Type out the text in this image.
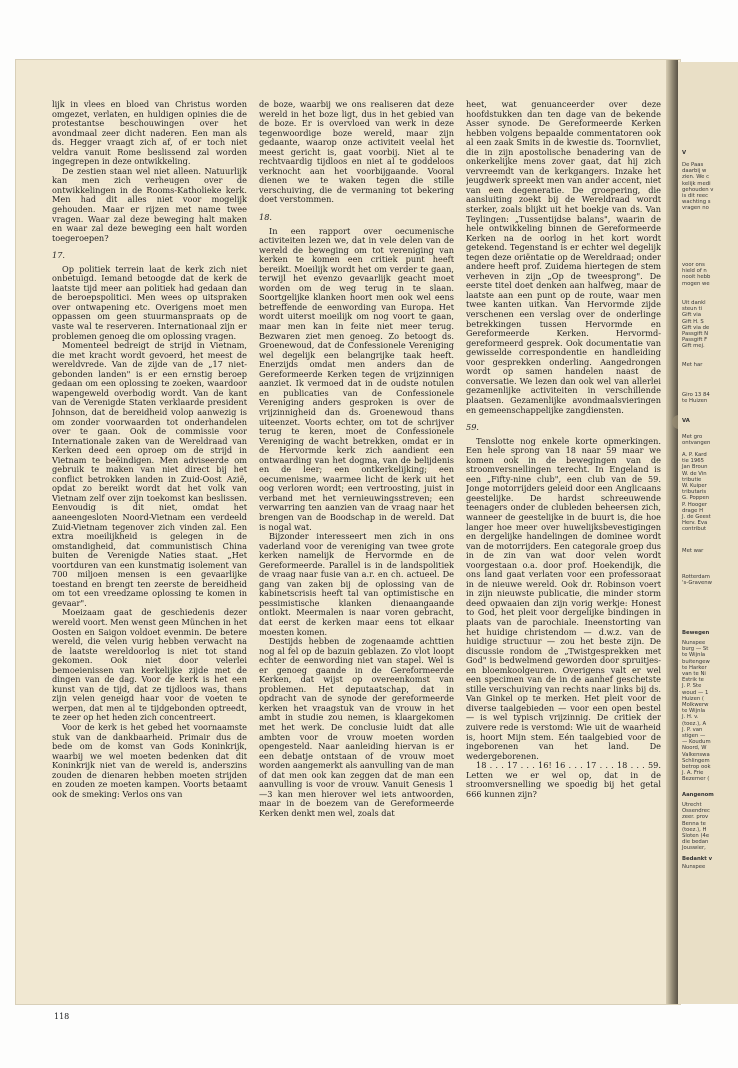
lijk in vlees en bloed van Christus worden omgezet, verlaten, en huldigen opinies die de protestantse beschouwingen over het avondmaal zeer dicht naderen. Een man als ds. Hegger vraagt zich af, of er toch niet veldra vanuit Rome beslissend zal worden ingegrepen in deze ontwikkeling.

De zestien staan wel niet alleen. Natuurlijk kan men zich verheugen over de ontwikkelingen in de Rooms-Katholieke kerk. Men had dit alles niet voor mogelijk gehouden. Maar er rijzen met name twee vragen. Waar zal deze beweging halt maken en waar zal deze beweging een halt worden toegeroepen?

17.

Op politiek terrein laat de kerk zich niet onbetuigd. Iemand betoogde dat de kerk de laatste tijd meer aan politiek had gedaan dan de beroepspolitici. Men wees op uitspraken over ontwapening etc. Overigens moet men oppassen om geen stuurmanspraats op de vaste wal te reserveren. Internationaal zijn er problemen genoeg die om oplossing vragen.

Momenteel bedreigt de strijd in Vietnam, die met kracht wordt gevoerd, het meest de wereldvrede. Van de zijde van de „17 niet-gebonden landen" is er een ernstig beroep gedaan om een oplossing te zoeken, waardoor wapengeweld overbodig wordt. Van de kant van de Verenigde Staten verklaarde president Johnson, dat de bereidheid volop aanwezig is om zonder voorwaarden tot onderhandelen over te gaan. Ook de commissie voor Internationale zaken van de Wereldraad van Kerken deed een oproep om de strijd in Vietnam te beëindigen. Men adviseerde om gebruik te maken van niet direct bij het conflict betrokken landen in Zuid-Oost Azië, opdat zo bereikt wordt dat het volk van Vietnam zelf over zijn toekomst kan beslissen. Eenvoudig is dit niet, omdat het aaneengesloten Noord-Vietnam een verdeeld Zuid-Vietnam tegenover zich vinden zal. Een extra moeilijkheid is gelegen in de omstandigheid, dat communistisch China buiten de Verenigde Naties staat. „Het voortduren van een kunstmatig isolement van 700 miljoen mensen is een gevaarlijke toestand en brengt ten zeerste de bereidheid om tot een vreedzame oplossing te komen in gevaar".

Moeizaam gaat de geschiedenis dezer wereld voort. Men wenst geen München in het Oosten en Saigon voldoet evenmin. De betere wereld, die velen vurig hebben verwacht na de laatste wereldoorlog is niet tot stand gekomen. Ook niet door velerlei bemoeienissen van kerkelijke zijde met de dingen van de dag. Voor de kerk is het een kunst van de tijd, dat ze tijdloos was, thans zijn velen geneigd haar voor de voeten te werpen, dat men al te tijdgebonden optreedt, te zeer op het heden zich concentreert.

Voor de kerk is het gebed het voornaamste stuk van de dankbaarheid. Primair dus de bede om de komst van Gods Koninkrijk, waarbij we wel moeten bedenken dat dit Koninkrijk niet van de wereld is, anderszins zouden de dienaren hebben moeten strijden en zouden ze moeten kampen. Voorts betaamt ook de smeking: Verlos ons van

de boze, waarbij we ons realiseren dat deze wereld in het boze ligt, dus in het gebied van de boze. Er is overvloed van werk in deze tegenwoordige boze wereld, maar zijn gedaante, waarop onze activiteit veelal het meest gericht is, gaat voorbij. Niet al te rechtvaardig tijdloos en niet al te goddeloos verknocht aan het voorbijgaande. Vooral dienen we te waken tegen die stille verschuiving, die de vermaning tot bekering doet verstommen.

18.

In een rapport over oecumenische activiteiten lezen we, dat in vele delen van de wereld de beweging om tot vereniging van kerken te komen een critiek punt heeft bereikt. Moeilijk wordt het om verder te gaan, terwijl het evenzo gevaarlijk geacht moet worden om de weg terug in te slaan. Soortgelijke klanken hoort men ook wel eens betreffende de eenwording van Europa. Het wordt uiterst moeilijk om nog voort te gaan, maar men kan in feite niet meer terug. Bezwaren ziet men genoeg. Zo betoogt ds. Groenewoud, dat de Confessionele Vereniging wel degelijk een belangrijke taak heeft. Enerzijds omdat men anders dan de Gereformeerde Kerken tegen de vrijzinnigen aanziet. Ik vermoed dat in de oudste notulen en publicaties van de Confessionele Vereniging anders gesproken is over de vrijzinnigheid dan ds. Groenewoud thans uiteenzet. Voorts echter, om tot de schrijver terug te keren, moet de Confessionele Vereniging de wacht betrekken, omdat er in de Hervormde kerk zich aandient een ontwaarding van het dogma, van de belijdenis en de leer; een ontkerkelijking; een oecumenisme, waarmee licht de kerk uit het oog verloren wordt; een vertroosting, juist in verband met het vernieuwingsstreven; een verwarring ten aanzien van de vraag naar het brengen van de Boodschap in de wereld. Dat is nogal wat.

Bijzonder interesseert men zich in ons vaderland voor de vereniging van twee grote kerken namelijk de Hervormde en de Gereformeerde. Parallel is in de landspolitiek de vraag naar fusie van a.r. en ch. actueel. De gang van zaken bij de oplossing van de kabinetscrisis heeft tal van optimistische en pessimistische klanken dienaangaande ontlokt. Meermalen is naar voren gebracht, dat eerst de kerken maar eens tot elkaar moesten komen.

Destijds hebben de zogenaamde achttien nog al fel op de bazuin geblazen. Zo vlot loopt echter de eenwording niet van stapel. Wel is er genoeg gaande in de Gereformeerde Kerken, dat wijst op overeenkomst van problemen. Het deputaatschap, dat in opdracht van de synode der gereformeerde kerken het vraagstuk van de vrouw in het ambt in studie zou nemen, is klaargekomen met het werk. De conclusie luidt dat alle ambten voor de vrouw moeten worden opengesteld. Naar aanleiding hiervan is er een debatje ontstaan of de vrouw moet worden aangemerkt als aanvulling van de man of dat men ook kan zeggen dat de man een aanvulling is voor de vrouw. Vanuit Genesis 1—3 kan men hierover wel iets antwoorden, maar in de boezem van de Gereformeerde Kerken denkt men wel, zoals dat

heet, wat genuanceerder over deze hoofdstukken dan ten dage van de bekende Asser synode. De Gereformeerde Kerken hebben volgens bepaalde commentatoren ook al een zaak Smits in de kwestie ds. Toornvliet, die in zijn apostolische benadering van de onkerkelijke mens zover gaat, dat hij zich vervreemdt van de kerkgangers. Inzake het jeugdwerk spreekt men van ander accent, niet van een degeneratie. De groepering, die aansluiting zoekt bij de Wereldraad wordt sterker, zoals blijkt uit het boekje van ds. Van Teylingen: „Tussentijdse balans", waarin de hele ontwikkeling binnen de Gereformeerde Kerken na de oorlog in het kort wordt getekend. Tegenstand is er echter wel degelijk tegen deze oriëntatie op de Wereldraad; onder andere heeft prof. Zuidema hiertegen de stem verheven in zijn „Op de tweesprong". De eerste titel doet denken aan halfweg, maar de laatste aan een punt op de route, waar men twee kanten uitkan. Van Hervormde zijde verschenen een verslag over de onderlinge betrekkingen tussen Hervormde en Gereformeerde Kerken. Hervormd-gereformeerd gesprek. Ook documentatie van gewisselde correspondentie en handleiding voor gesprekken onderling. Aangedrongen wordt op samen handelen naast de conversatie. We lezen dan ook wel van allerlei gezamenlijke activiteiten in verschillende plaatsen. Gezamenlijke avondmaalsvieringen en gemeenschappelijke zangdiensten.

59.

Tenslotte nog enkele korte opmerkingen. Een hele sprong van 18 naar 59 maar we komen ook in de bewegingen van de stroomversnellingen terecht. In Engeland is een „Fifty-nine club", een club van de 59. Jonge motorrijders geleid door een Anglicaans geestelijke. De hardst schreeuwende teenagers onder de clubleden beheersen zich, wanneer de geestelijke in de buurt is, die hoe langer hoe meer over huwelijksbevestigingen en dergelijke handelingen de dominee wordt van de motorrijders. Een categorale groep dus in de zin van wat door velen wordt voorgestaan o.a. door prof. Hoekendijk, die ons land gaat verlaten voor een professoraat in de nieuwe wereld. Ook dr. Robinson voert in zijn nieuwste publicatie, die minder storm deed opwaaien dan zijn vorig werkje: Honest to God, het pleit voor dergelijke bindingen in plaats van de parochiale. Ineenstorting van het huidige christendom — d.w.z. van de huidige structuur — zou het beste zijn. De discussie rondom de „Twistgesprekken met God" is bedwelmend geworden door spruitjes- en bloemkoolgeuren. Overigens valt er wel een specimen van de in de aanhef geschetste stille verschuiving van rechts naar links bij ds. Van Ginkel op te merken. Het pleit voor de diverse taalgebieden — voor een open bestel — is wel typisch vrijzinnig. De critiek der zuivere rede is verstomd: Wie uit de waarheid is, hoort Mijn stem. Eén taalgebied voor de ingeborenen van het land. De wedergeborenen.

18 . . . 17 . . . 16! 16 . . . 17 . . . 18 . . . 59. Letten we er wel op, dat in de stroomversnelling we spoedig bij het getal 666 kunnen zijn?

118
V
De Paas
daarbij w
zien. We c
kelijk medi
gehouden v
is dit reec
wachting s
vragen no
voor ons
hield of n
nooit hebb
mogen we
Uit dankl
steun ti
Gift via
Gift H. S
Gift via de
Passgift N
Passgift F
Gift mej.
Met har
Giro 13 84
te Huizen
VA
Met gro
ontvangen
A. P. Kard
tie 1965
Jan Broun
W. de Vin
tributie
W. Kuiper
tributaris
G. Poppen
P. Hooger
drage H
J. de Geest
Herv. Eva
contribut
Met war
Rotterdam
's-Gravenw
Bewegen
Nunspee
burg — St
te Wijnla
buitengew
te Harker
van te Ni
Estrik te
J. P. Ste
woud — 1
Huizen (
Molkwerw
te Wijnla
J. H. v.
(toez.), A
J. P. van
stigen —
— Koudum
Noord, W
Valkenswa
Schlingem
betrop ook
J. A. Frie
Bezemer (
Aangenom
Utrecht
Ossendrec
zeer. prov
Benna te
(toez.), H
Sloten (4e
die bedan
Jouswier,
Bedankt v
Nunspee
